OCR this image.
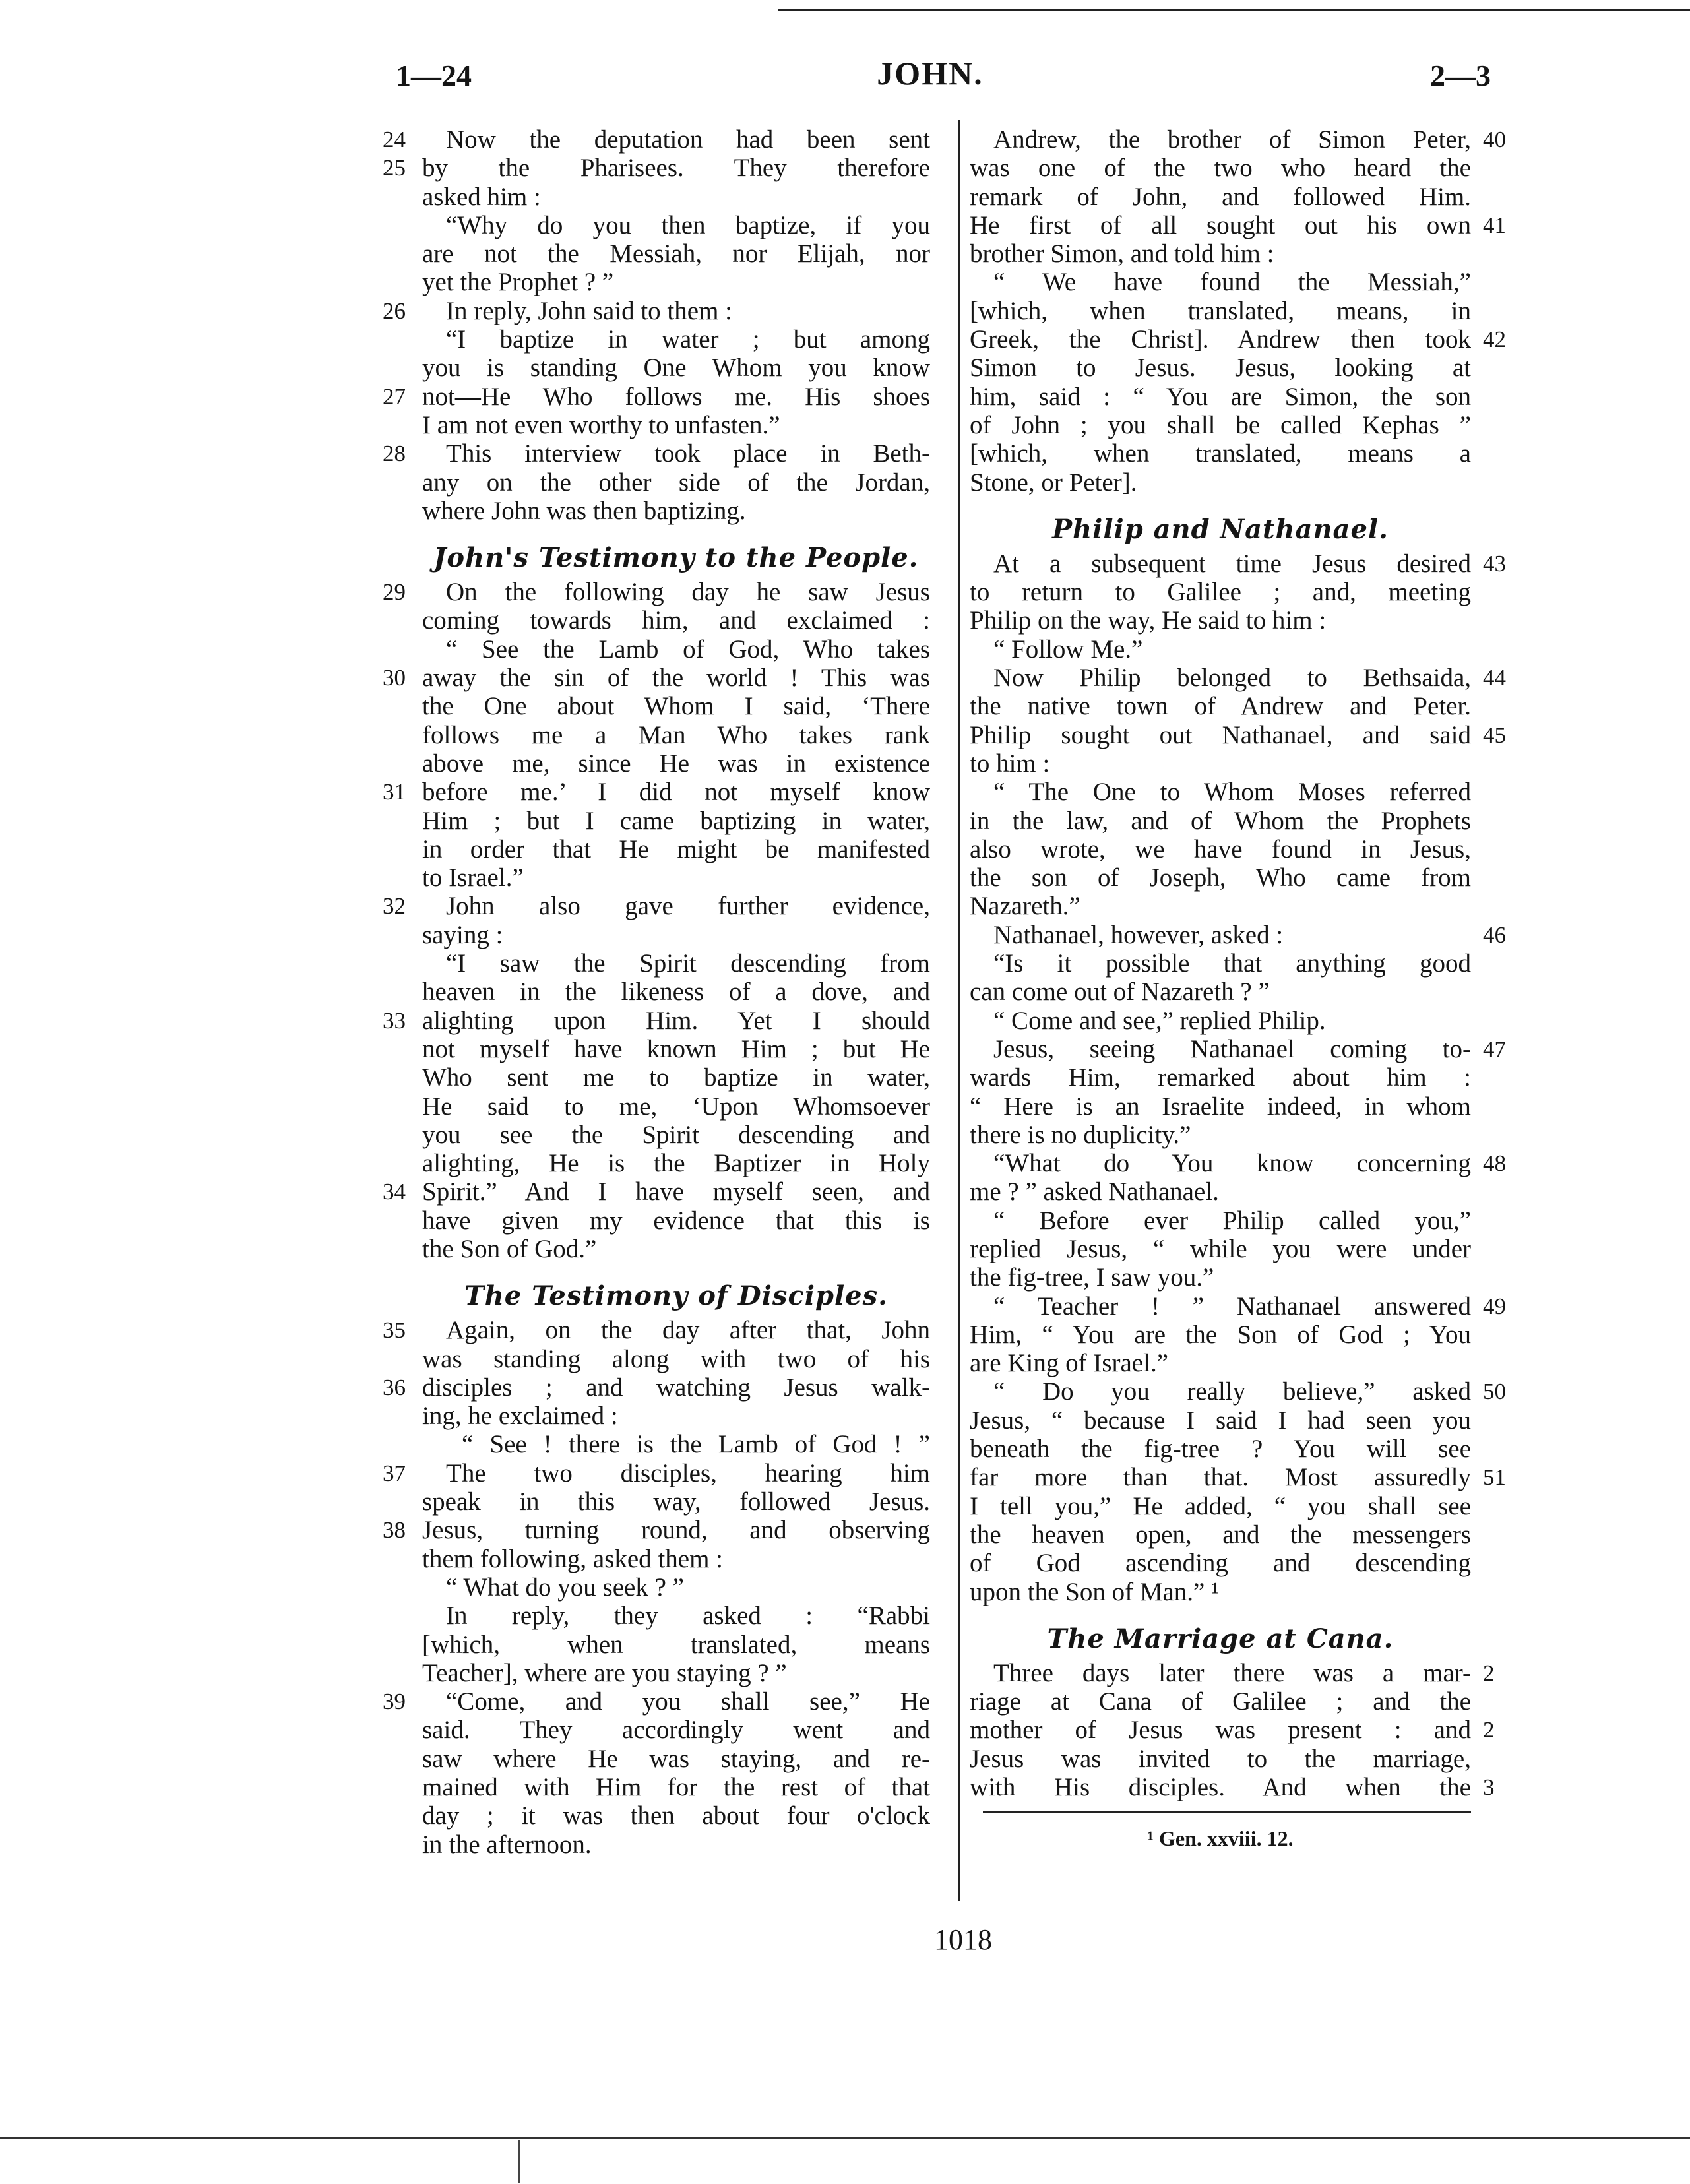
1—24	JOHN.	2—3
24	Now the deputation had been sent
25 by the Pharisees. They therefore
asked him :
“Why do you then baptize, if you
are not the Messiah, nor Elijah, nor
yet the Prophet ? ”
26	In reply, John said to them :
“I baptize in water ; but among
you is standing One Whom you know
27 not—He Who follows me. His shoes
I am not even worthy to unfasten.”
28	This interview took place in Beth-
any on the other side of the Jordan,
where John was then baptizing.
John's Testimony to the People.
29	On the following day he saw Jesus
coming towards him, and exclaimed :
“ See the Lamb of God, Who takes
30 away the sin of the world ! This was
the One about Whom I said, ‘There
follows me a Man Who takes rank
above me, since He was in existence
31 before me.’ I did not myself know
Him ; but I came baptizing in water,
in order that He might be manifested
to Israel.”
32	John also gave further evidence,
saying :
“I saw the Spirit descending from
heaven in the likeness of a dove, and
33 alighting upon Him. Yet I should
not myself have known Him ; but He
Who sent me to baptize in water,
He said to me, ‘Upon Whomsoever
you see the Spirit descending and
alighting, He is the Baptizer in Holy
34 Spirit.” And I have myself seen, and
have given my evidence that this is
the Son of God.”
The Testimony of Disciples.
35	Again, on the day after that, John
was standing along with two of his
36 disciples ; and watching Jesus walk-
ing, he exclaimed :
“ See ! there is the Lamb of God ! ”
37	The two disciples, hearing him
speak in this way, followed Jesus.
38 Jesus, turning round, and observing
them following, asked them :
“ What do you seek ? ”
In reply, they asked : “Rabbi
[which, when translated, means
Teacher], where are you staying ? ”
39	“Come, and you shall see,” He
said. They accordingly went and
saw where He was staying, and re-
mained with Him for the rest of that
day ; it was then about four o'clock
in the afternoon.
40
Andrew, the brother of Simon Peter,
was one of the two who heard the
remark of John, and followed Him.
41
He first of all sought out his own
brother Simon, and told him :
“ We have found the Messiah,”
[which, when translated, means, in
42
Greek, the Christ]. Andrew then took
Simon to Jesus. Jesus, looking at
him, said : “ You are Simon, the son
of John ; you shall be called Kephas ”
[which, when translated, means a
Stone, or Peter].
Philip and Nathanael.
43
At a subsequent time Jesus desired
to return to Galilee ; and, meeting
Philip on the way, He said to him :
“ Follow Me.”
44
Now Philip belonged to Bethsaida,
the native town of Andrew and Peter.
45
Philip sought out Nathanael, and said
to him :
“ The One to Whom Moses referred
in the law, and of Whom the Prophets
also wrote, we have found in Jesus,
the son of Joseph, Who came from
Nazareth.”
46
Nathanael, however, asked :
“Is it possible that anything good
can come out of Nazareth ? ”
“ Come and see,” replied Philip.
47
Jesus, seeing Nathanael coming to-
wards Him, remarked about him :
“ Here is an Israelite indeed, in whom
there is no duplicity.”
48
“What do You know concerning
me ? ” asked Nathanael.
“ Before ever Philip called you,”
replied Jesus, “ while you were under
the fig-tree, I saw you.”
49
“ Teacher ! ” Nathanael answered
Him, “ You are the Son of God ; You
are King of Israel.”
50
“ Do you really believe,” asked
Jesus, “ because I said I had seen you
beneath the fig-tree ? You will see
51
far more than that. Most assuredly
I tell you,” He added, “ you shall see
the heaven open, and the messengers
of God ascending and descending
upon the Son of Man.” ¹
The Marriage at Cana.
2
Three days later there was a mar-
riage at Cana of Galilee ; and the
2
mother of Jesus was present : and
Jesus was invited to the marriage,
3
with His disciples. And when the
¹ Gen. xxviii. 12.
1018
